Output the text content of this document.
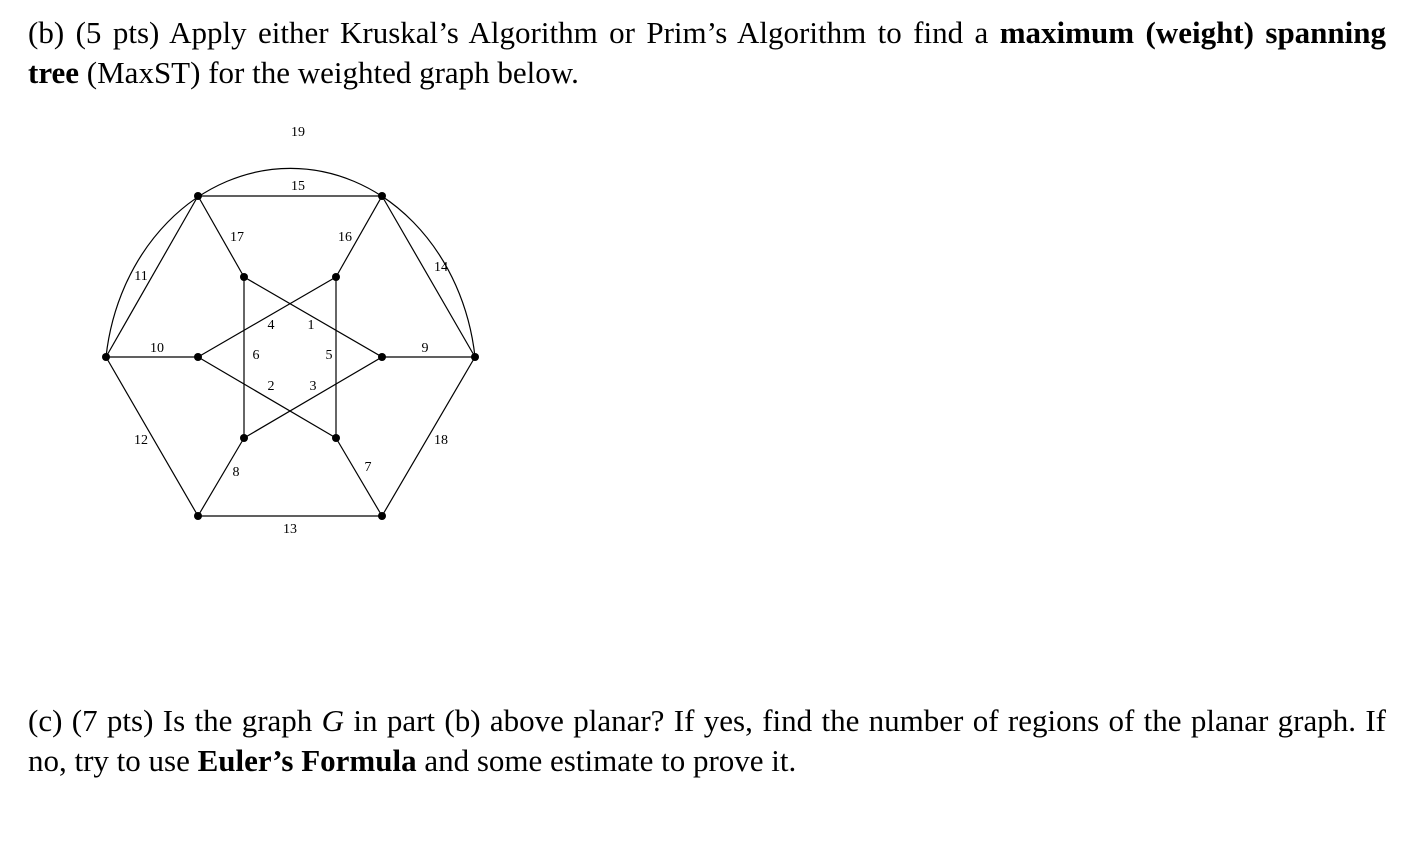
(b) (5 pts) Apply either Kruskal’s Algorithm or Prim’s Algorithm to find a maximum (weight) spanning tree (MaxST) for the weighted graph below.
19
15
17	16
11
14
10	9
12	18
13
8	7
6	5
4 1
2	3
(c) (7 pts) Is the graph G in part (b) above planar? If yes, find the number of regions of the planar graph. If no, try to use Euler’s Formula and some estimate to prove it.
